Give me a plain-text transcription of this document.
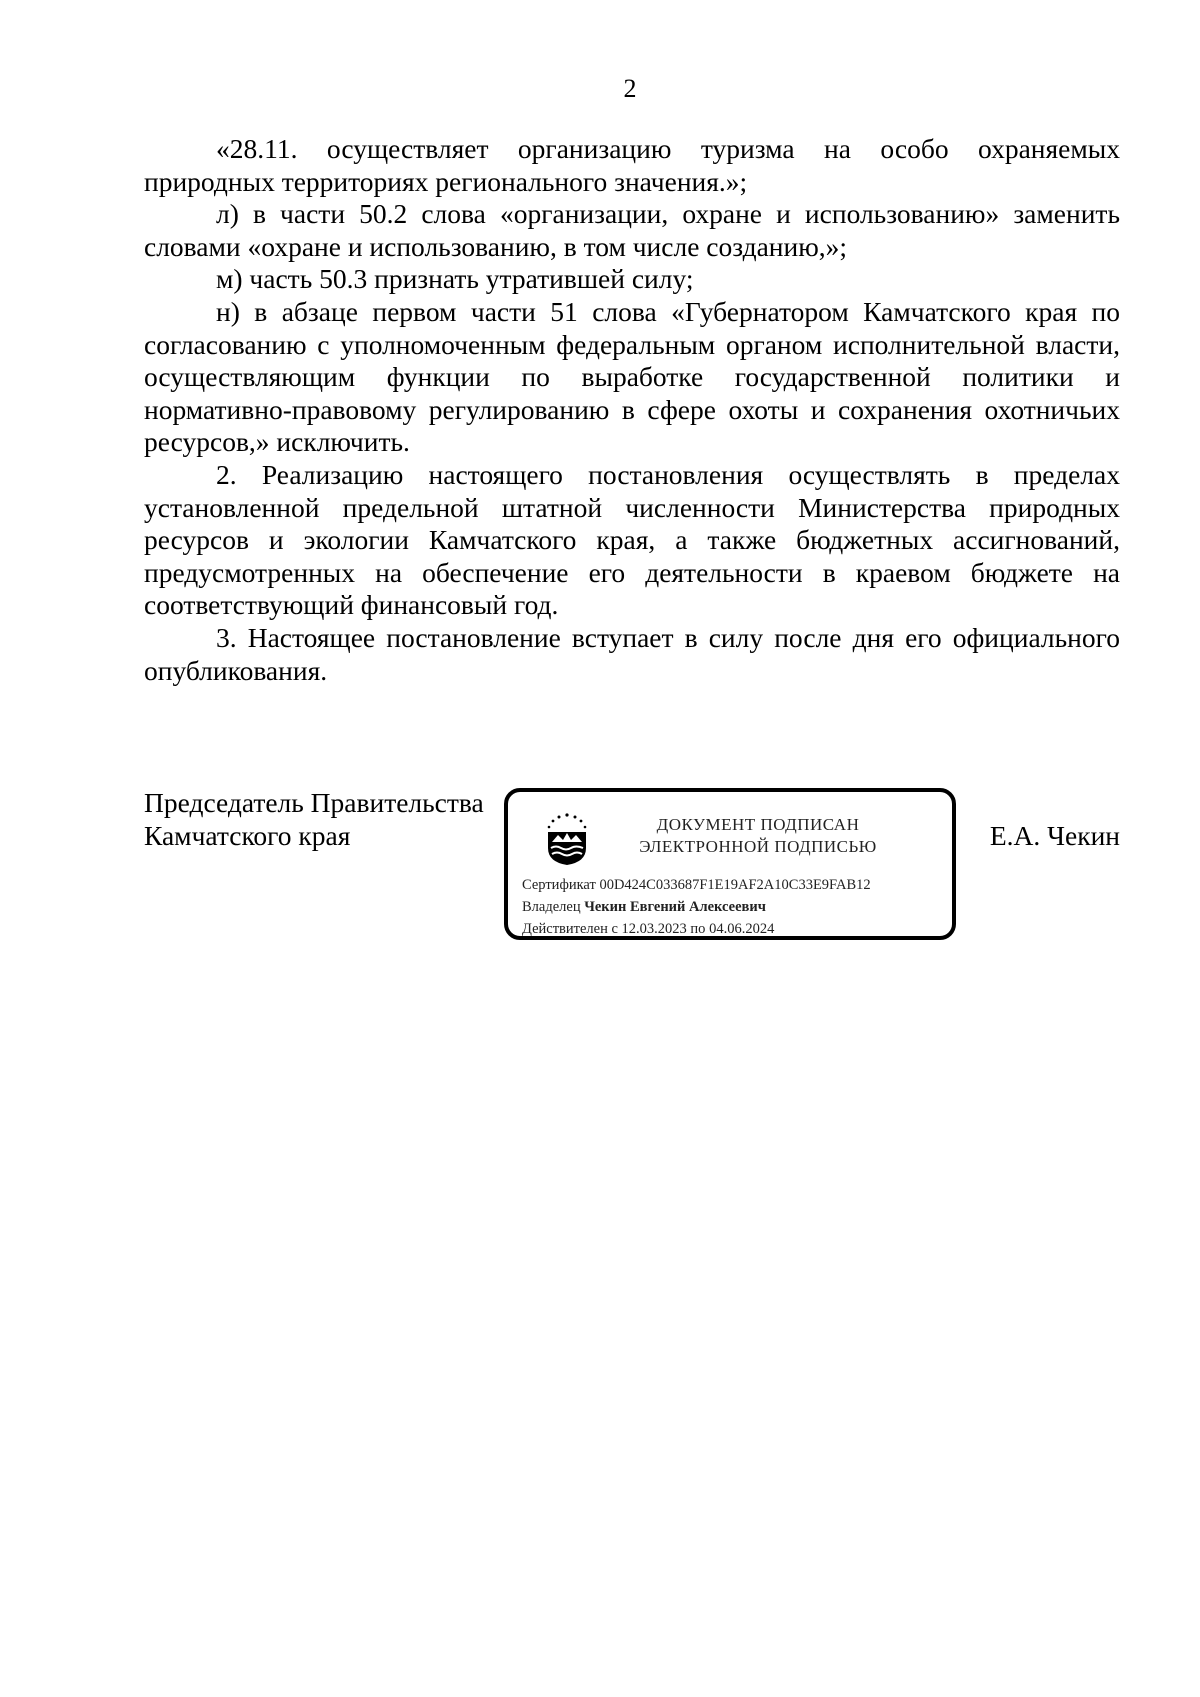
2

«28.11. осуществляет организацию туризма на особо охраняемых природных территориях регионального значения.»;

л) в части 50.2 слова «организации, охране и использованию» заменить словами «охране и использованию, в том числе созданию,»;

м) часть 50.3 признать утратившей силу;

н) в абзаце первом части 51 слова «Губернатором Камчатского края по согласованию с уполномоченным федеральным органом исполнительной власти, осуществляющим функции по выработке государственной политики и нормативно-правовому регулированию в сфере охоты и сохранения охотничьих ресурсов,» исключить.

2. Реализацию настоящего постановления осуществлять в пределах установленной предельной штатной численности Министерства природных ресурсов и экологии Камчатского края, а также бюджетных ассигнований, предусмотренных на обеспечение его деятельности в краевом бюджете на соответствующий финансовый год.

3. Настоящее постановление вступает в силу после дня его официального опубликования.

Председатель Правительства
Камчатского края	ДОКУМЕНТ ПОДПИСАН
ЭЛЕКТРОННОЙ ПОДПИСЬЮ
Сертификат 00D424C033687F1E19AF2A10C33E9FAB12
Владелец Чекин Евгений Алексеевич
Действителен с 12.03.2023 по 04.06.2024
Е.А. Чекин
